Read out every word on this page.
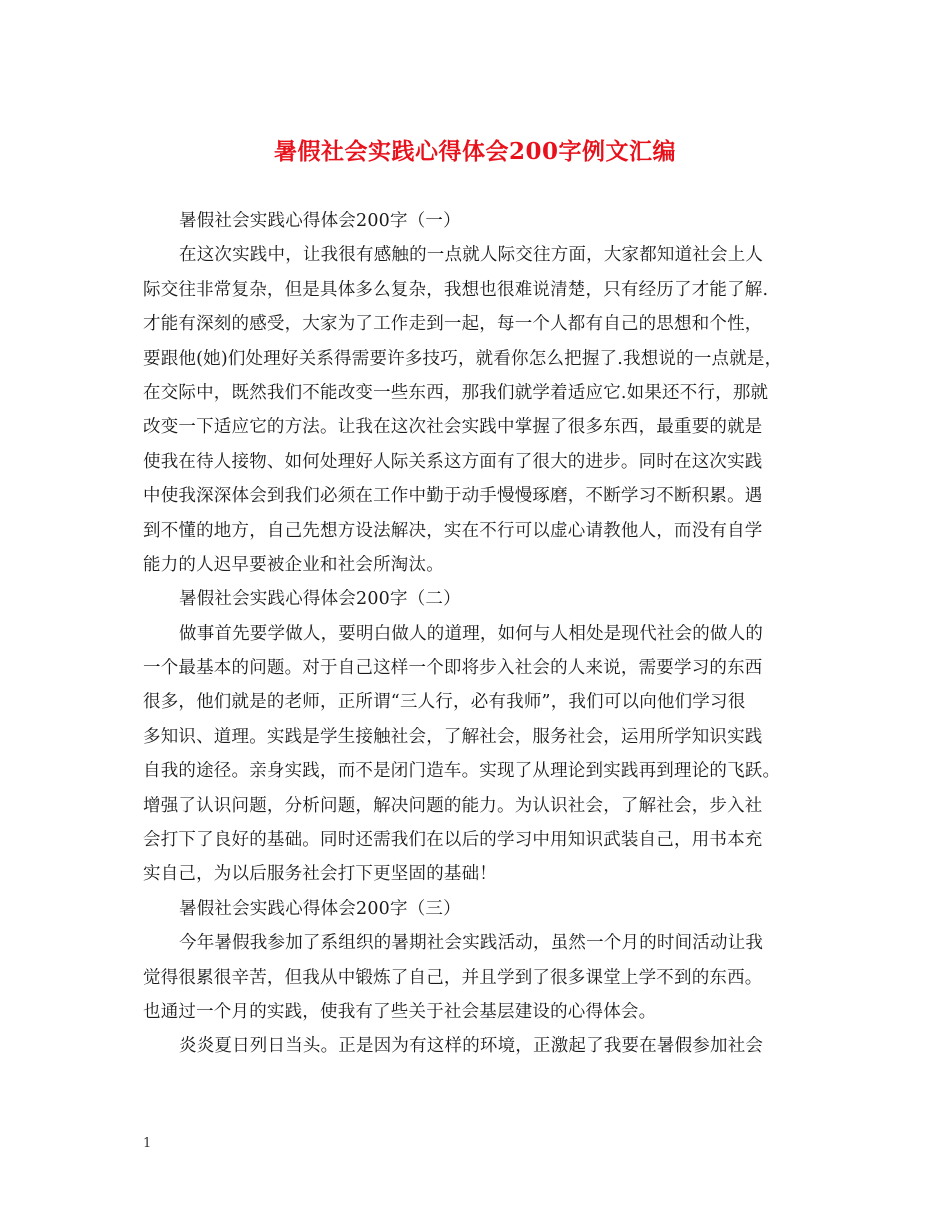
暑假社会实践心得体会200字例文汇编
暑假社会实践心得体会200字（一）
在这次实践中，让我很有感触的一点就人际交往方面，大家都知道社会上人
际交往非常复杂，但是具体多么复杂，我想也很难说清楚，只有经历了才能了解.
才能有深刻的感受，大家为了工作走到一起，每一个人都有自己的思想和个性，
要跟他(她)们处理好关系得需要许多技巧，就看你怎么把握了.我想说的一点就是，
在交际中，既然我们不能改变一些东西，那我们就学着适应它.如果还不行，那就
改变一下适应它的方法。让我在这次社会实践中掌握了很多东西，最重要的就是
使我在待人接物、如何处理好人际关系这方面有了很大的进步。同时在这次实践
中使我深深体会到我们必须在工作中勤于动手慢慢琢磨，不断学习不断积累。遇
到不懂的地方，自己先想方设法解决，实在不行可以虚心请教他人，而没有自学
能力的人迟早要被企业和社会所淘汰。
暑假社会实践心得体会200字（二）
做事首先要学做人，要明白做人的道理，如何与人相处是现代社会的做人的
一个最基本的问题。对于自己这样一个即将步入社会的人来说，需要学习的东西
很多，他们就是的老师，正所谓“三人行，必有我师”，我们可以向他们学习很
多知识、道理。实践是学生接触社会，了解社会，服务社会，运用所学知识实践
自我的途径。亲身实践，而不是闭门造车。实现了从理论到实践再到理论的飞跃。
增强了认识问题，分析问题，解决问题的能力。为认识社会，了解社会，步入社
会打下了良好的基础。同时还需我们在以后的学习中用知识武装自己，用书本充
实自己，为以后服务社会打下更坚固的基础！
暑假社会实践心得体会200字（三）
今年暑假我参加了系组织的暑期社会实践活动，虽然一个月的时间活动让我
觉得很累很辛苦，但我从中锻炼了自己，并且学到了很多课堂上学不到的东西。
也通过一个月的实践，使我有了些关于社会基层建设的心得体会。
炎炎夏日列日当头。正是因为有这样的环境，正激起了我要在暑假参加社会
1
